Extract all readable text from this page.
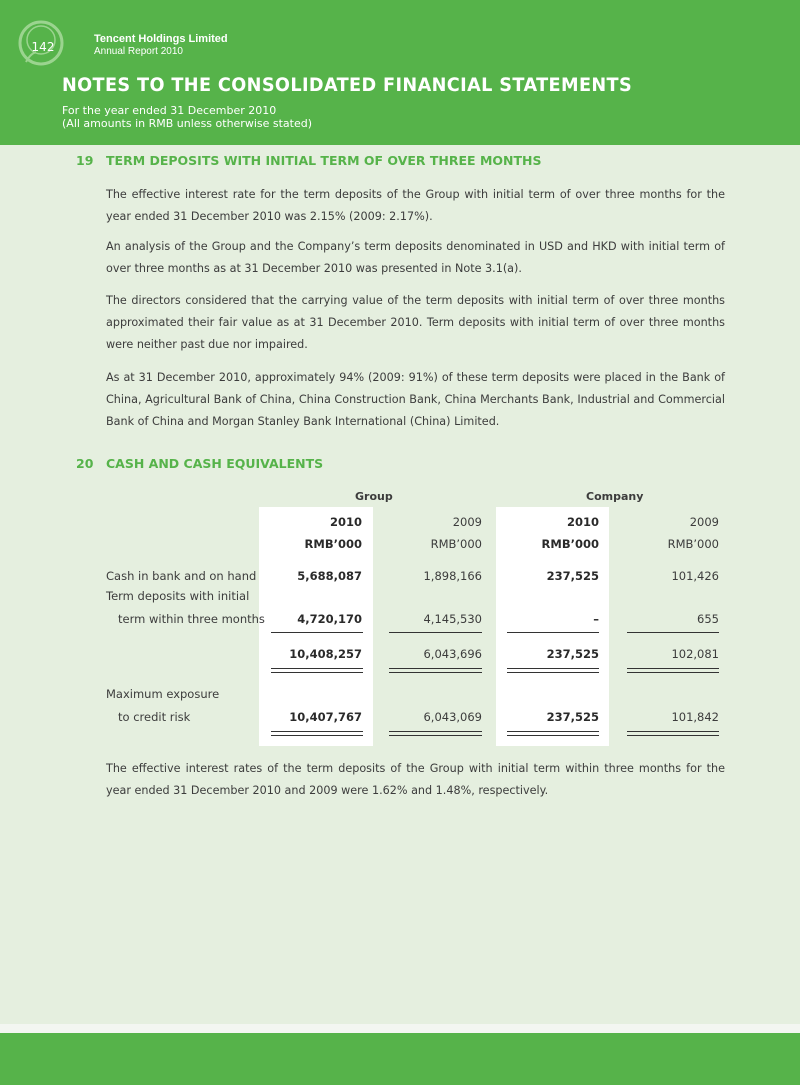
142
Tencent Holdings Limited
Annual Report 2010
NOTES TO THE CONSOLIDATED FINANCIAL STATEMENTS
For the year ended 31 December 2010
(All amounts in RMB unless otherwise stated)
19 TERM DEPOSITS WITH INITIAL TERM OF OVER THREE MONTHS
The effective interest rate for the term deposits of the Group with initial term of over three months for the year ended 31 December 2010 was 2.15% (2009: 2.17%).
An analysis of the Group and the Company’s term deposits denominated in USD and HKD with initial term of over three months as at 31 December 2010 was presented in Note 3.1(a).
The directors considered that the carrying value of the term deposits with initial term of over three months approximated their fair value as at 31 December 2010. Term deposits with initial term of over three months were neither past due nor impaired.
As at 31 December 2010, approximately 94% (2009: 91%) of these term deposits were placed in the Bank of China, Agricultural Bank of China, China Construction Bank, China Merchants Bank, Industrial and Commercial Bank of China and Morgan Stanley Bank International (China) Limited.
20 CASH AND CASH EQUIVALENTS
Group	Company
2010	2009	2010	2009
RMB’000	RMB’000	RMB’000	RMB’000
Cash in bank and on hand	5,688,087	1,898,166	237,525	101,426
Term deposits with initial
term within three months	4,720,170	4,145,530	–	655
10,408,257	6,043,696	237,525	102,081
Maximum exposure
to credit risk	10,407,767	6,043,069	237,525	101,842
The effective interest rates of the term deposits of the Group with initial term within three months for the year ended 31 December 2010 and 2009 were 1.62% and 1.48%, respectively.
